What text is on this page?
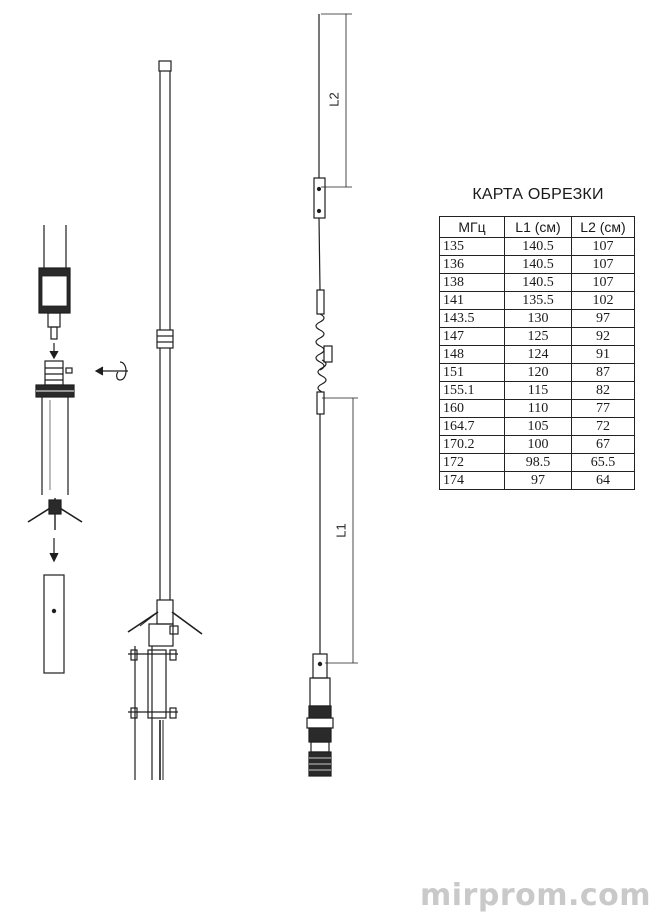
L2
L1
КАРТА ОБРЕЗКИ
МГц	L1 (см)	L2 (см)
135	140.5	107
136	140.5	107
138	140.5	107
141	135.5	102
143.5	130	97
147	125	92
148	124	91
151	120	87
155.1	115	82
160	110	77
164.7	105	72
170.2	100	67
172	98.5	65.5
174	97	64
mirprom.com
